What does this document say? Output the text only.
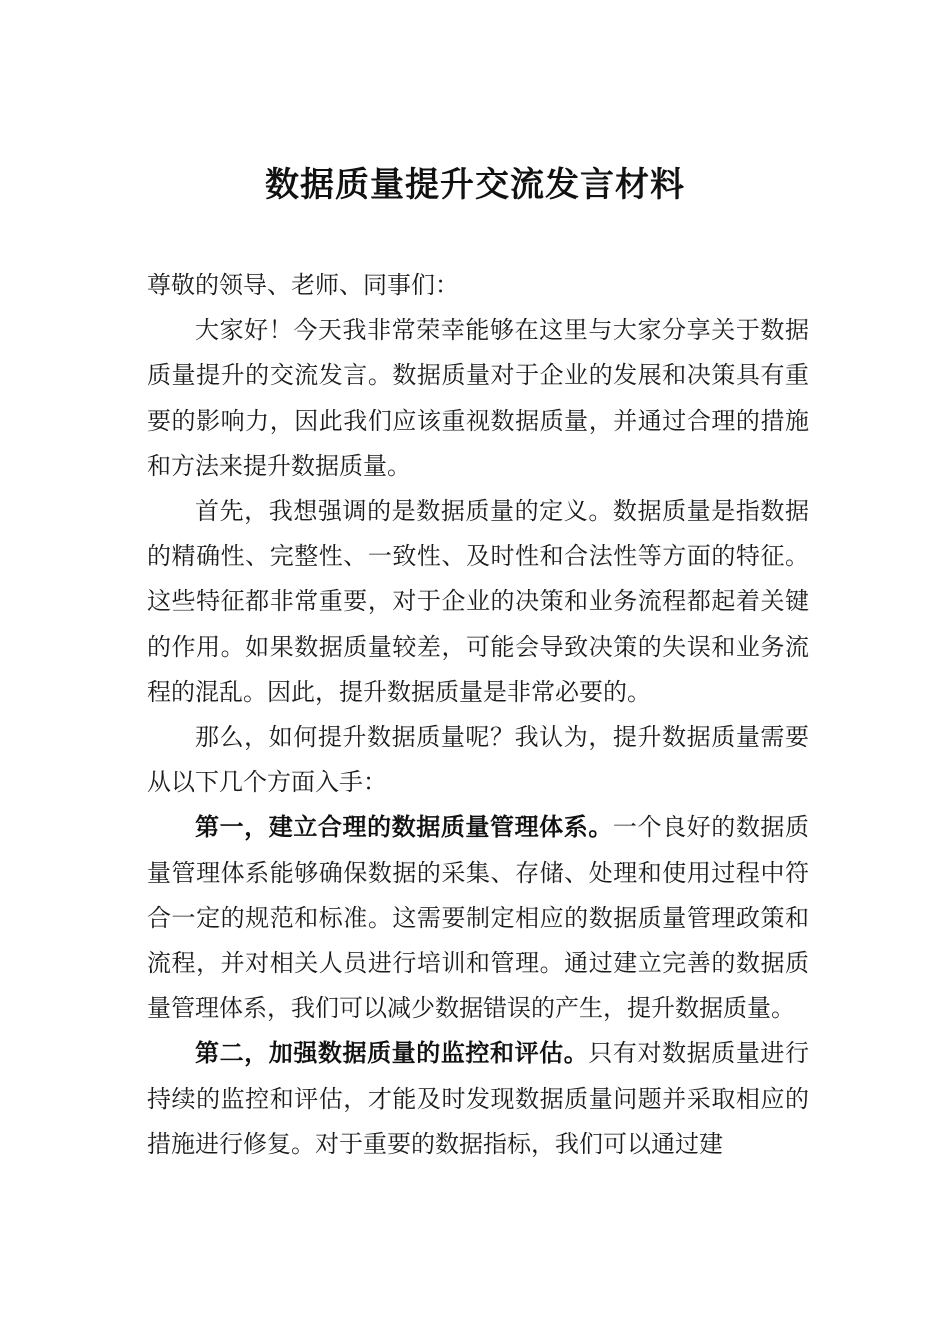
数据质量提升交流发言材料

尊敬的领导、老师、同事们：

大家好！今天我非常荣幸能够在这里与大家分享关于数据质量提升的交流发言。数据质量对于企业的发展和决策具有重要的影响力，因此我们应该重视数据质量，并通过合理的措施和方法来提升数据质量。

首先，我想强调的是数据质量的定义。数据质量是指数据的精确性、完整性、一致性、及时性和合法性等方面的特征。这些特征都非常重要，对于企业的决策和业务流程都起着关键的作用。如果数据质量较差，可能会导致决策的失误和业务流程的混乱。因此，提升数据质量是非常必要的。

那么，如何提升数据质量呢？我认为，提升数据质量需要从以下几个方面入手：

第一，建立合理的数据质量管理体系。一个良好的数据质量管理体系能够确保数据的采集、存储、处理和使用过程中符合一定的规范和标准。这需要制定相应的数据质量管理政策和流程，并对相关人员进行培训和管理。通过建立完善的数据质量管理体系，我们可以减少数据错误的产生，提升数据质量。

第二，加强数据质量的监控和评估。只有对数据质量进行持续的监控和评估，才能及时发现数据质量问题并采取相应的措施进行修复。对于重要的数据指标，我们可以通过建
